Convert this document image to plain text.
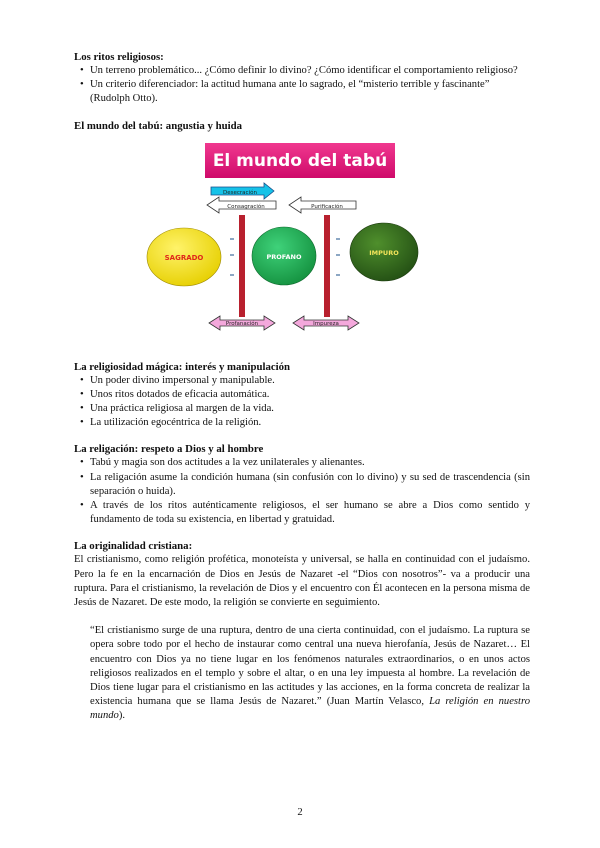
Los ritos religiosos:
• Un terreno problemático... ¿Cómo definir lo divino? ¿Cómo identificar el comportamiento religioso?
• Un criterio diferenciador: la actitud humana ante lo sagrado, el “misterio terrible y fascinante” (Rudolph Otto).
El mundo del tabú: angustia y huida
El mundo del tabú
Desecración
Consagración	Purificación
SAGRADO	PROFANO	IMPURO
Profanación	Impureza
La religiosidad mágica: interés y manipulación
• Un poder divino impersonal y manipulable.
• Unos ritos dotados de eficacia automática.
• Una práctica religiosa al margen de la vida.
• La utilización egocéntrica de la religión.
La religación: respeto a Dios y al hombre
• Tabú y magia son dos actitudes a la vez unilaterales y alienantes.
• La religación asume la condición humana (sin confusión con lo divino) y su sed de trascendencia (sin separación o huida).
• A través de los ritos auténticamente religiosos, el ser humano se abre a Dios como sentido y fundamento de toda su existencia, en libertad y gratuidad.
La originalidad cristiana:

El cristianismo, como religión profética, monoteísta y universal, se halla en continuidad con el judaísmo. Pero la fe en la encarnación de Dios en Jesús de Nazaret -el “Dios con nosotros”- va a producir una ruptura. Para el cristianismo, la revelación de Dios y el encuentro con Él acontecen en la persona misma de Jesús de Nazaret. De este modo, la religión se convierte en seguimiento.

“El cristianismo surge de una ruptura, dentro de una cierta continuidad, con el judaísmo. La ruptura se opera sobre todo por el hecho de instaurar como central una nueva hierofanía, Jesús de Nazaret… El encuentro con Dios ya no tiene lugar en los fenómenos naturales extraordinarios, o en unos actos religiosos realizados en el templo y sobre el altar, o en una ley impuesta al hombre. La revelación de Dios tiene lugar para el cristianismo en las actitudes y las acciones, en la forma concreta de realizar la existencia humana que se llama Jesús de Nazaret.” (Juan Martín Velasco, La religión en nuestro mundo).

2
